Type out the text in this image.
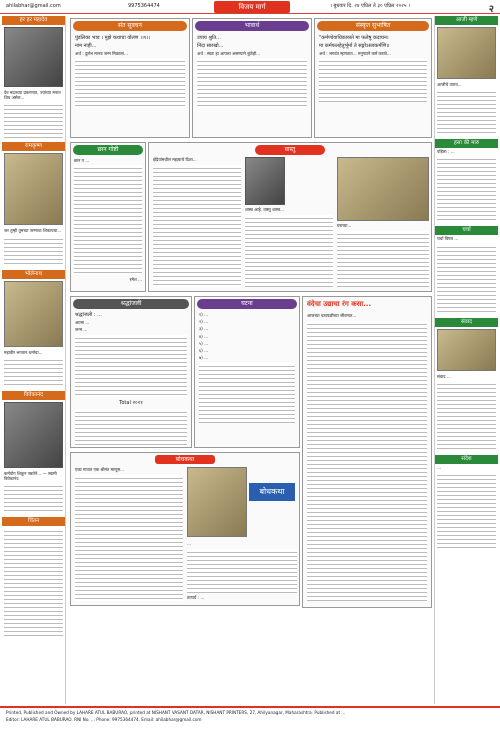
ahilabhar@gmail.com	9975364474	विजय मार्ग	। बुधवार दि. २४ एप्रिल ते ३० एप्रिल २०२५ ।	२
हर हर महादेव
देव मदतच्या प्रकरणात, ज्यांच्या मनात शिव असेल...
रामकृष्ण
जर तुम्ही तुमच्या जन्माचा शिकायचा...
भोलेनाथ
महावीर भगवान धर्माचा...
विवेकानंद
कर्मयोग शिकून नम्रतेने... — स्वामी विवेकानंद
चिंतन
आजी म्हणे
आजीचे उपाय...
हसा की मारु
पहिला : ...
चर्चा
चर्चा विषय ...
संवाद
संवाद ...
संदेश
...
संत सुवचन
पुंडलिका भाव । मुझे कथाचा वोलण ।।१।।
नाम नाही...
अर्थ : दुर्लभ मानव जन्म मिळाला...
भावार्थ
उपाय श्रुति...
निंदा सारखो...
अर्थ : स्वतः हा आपला असण्याने कुठेही...
संस्कृत सुभाषित
"कर्मण्येवाधिकारस्ते मा फलेषु कदाचन।
मा कर्मफलहेतुर्भूर्मा ते सङ्गोऽस्त्वकर्मणि॥
अर्थ : भगवंत म्हणतात... मनुष्याने कर्म करावे...
वास्तु
इंद्रियांमधील महत्वाचे दिशा...
शास्त्र आहे. वास्तु शास्त्र...
घराच्या...
छान गोष्टी
छान ग ...
रमेश ...
श्रद्धांजली
श्रद्धांजली : ...
आत्मा ...
जन्म ...
Total २०२१
घटना
१) ...
२) ...
३) ...
४) ...
५) ...
६) ...
७) ...
वंदेचा उद्याचा रंग कसा...
आजच्या धावपळीच्या जीवनात...
बोधकथा
एका गावात एक श्रीमंत माणूस...
बोधकथा
...
तात्पर्य : ...
Printed, Published and Owned by LAHARE ATUL BABURAO, printed at NISHANT VASANT DATAR, NISHANT PRINTERS, 27, Ahilyanagar, Maharashtra. Published at ...
Editor: LAHARE ATUL BABURAO. RNI No. ... Phone: 9975364474. Email: ahilabhar@gmail.com
